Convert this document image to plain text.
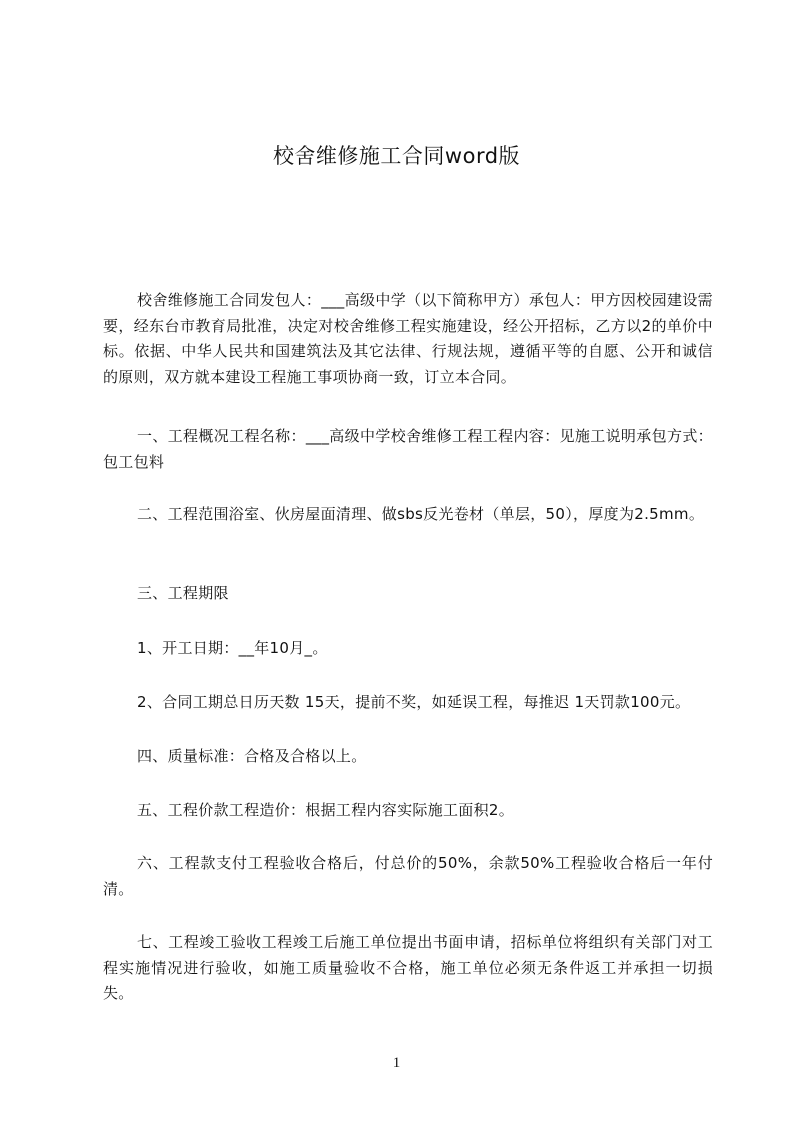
校舍维修施工合同word版

校舍维修施工合同发包人：___高级中学（以下简称甲方）承包人：甲方因校园建设需要，经东台市教育局批准，决定对校舍维修工程实施建设，经公开招标，乙方以2的单价中标。依据、中华人民共和国建筑法及其它法律、行规法规，遵循平等的自愿、公开和诚信的原则，双方就本建设工程施工事项协商一致，订立本合同。

一、工程概况工程名称：___高级中学校舍维修工程工程内容：见施工说明承包方式：包工包料

二、工程范围浴室、伙房屋面清理、做sbs反光卷材（单层，50），厚度为2.5mm。

三、工程期限

1、开工日期：__年10月_。

2、合同工期总日历天数 15天，提前不奖，如延误工程，每推迟 1天罚款100元。

四、质量标准：合格及合格以上。

五、工程价款工程造价：根据工程内容实际施工面积2。

六、工程款支付工程验收合格后，付总价的50%，余款50%工程验收合格后一年付清。

七、工程竣工验收工程竣工后施工单位提出书面申请，招标单位将组织有关部门对工程实施情况进行验收，如施工质量验收不合格，施工单位必须无条件返工并承担一切损失。

1
